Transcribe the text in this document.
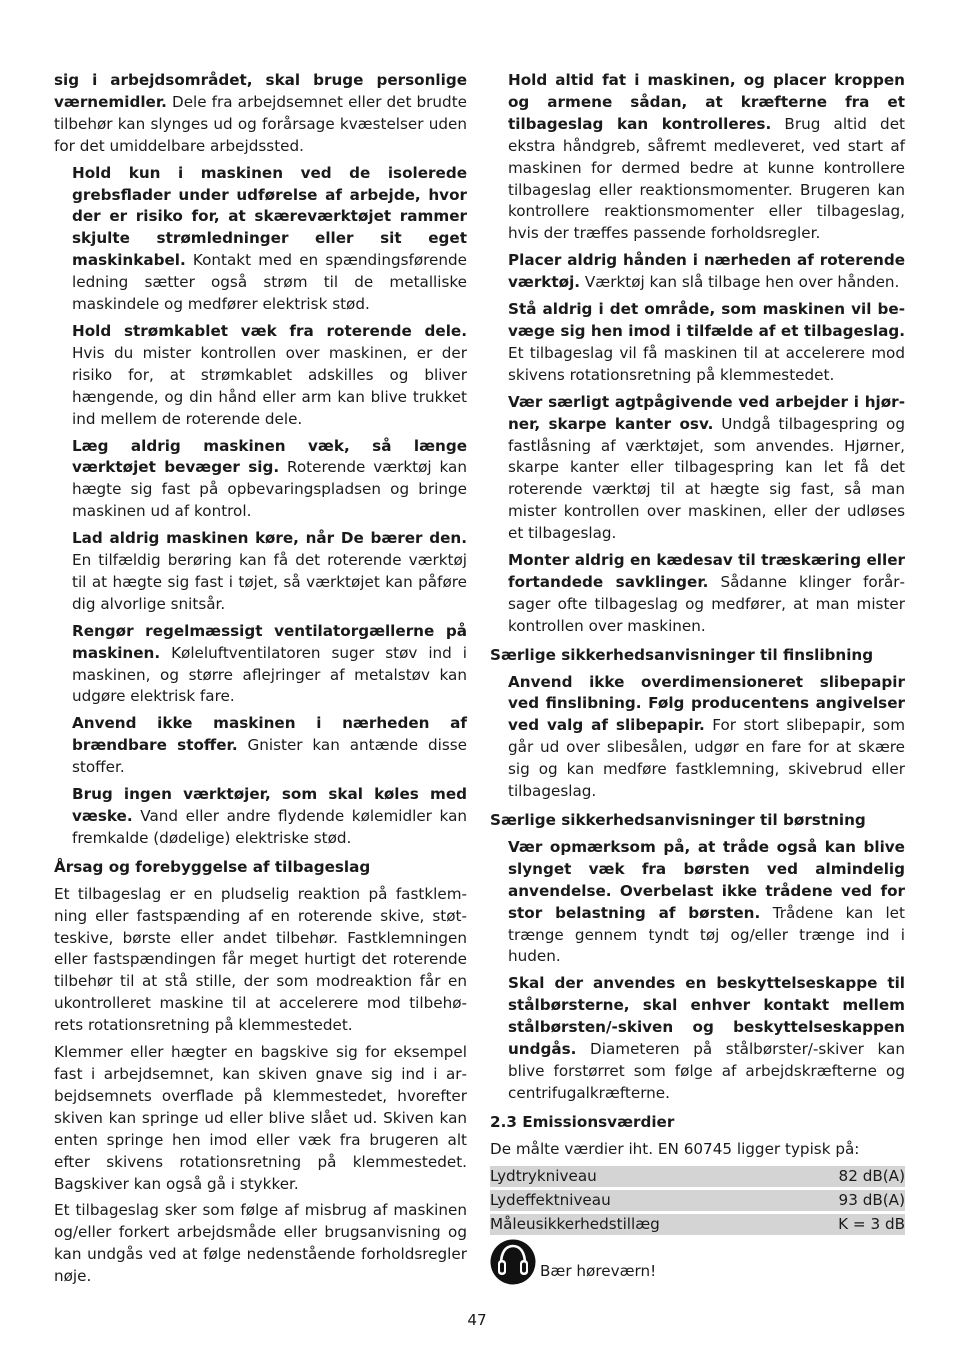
sig i arbejdsområdet, skal bruge personlige værnemidler. Dele fra arbejdsemnet eller det brudte tilbehør kan slynges ud og forårsage kvæstelser uden for det umiddelbare arbejdssted.

Hold kun i maskinen ved de isolerede grebsflader under udførelse af arbejde, hvor der er risiko for, at skæreværktøjet rammer skjulte strømledninger eller sit eget maskinkabel. Kontakt med en spændingsførende ledning sætter også strøm til de metalliske maskindele og medfører elektrisk stød.

Hold strømkablet væk fra roterende dele. Hvis du mister kontrollen over maskinen, er der risiko for, at strømkablet adskilles og bliver hængende, og din hånd eller arm kan blive trukket ind mellem de roterende dele.

Læg aldrig maskinen væk, så længe værktøjet bevæger sig. Roterende værktøj kan hægte sig fast på opbevaringspladsen og bringe maskinen ud af kontrol.

Lad aldrig maskinen køre, når De bærer den. En tilfældig berøring kan få det roterende værktøj til at hægte sig fast i tøjet, så værktøjet kan påføre dig alvorlige snitsår.

Rengør regelmæssigt ventilatorgællerne på maskinen. Køleluftventilatoren suger støv ind i maskinen, og større aflejringer af metalstøv kan udgøre elektrisk fare.

Anvend ikke maskinen i nærheden af brændbare stoffer. Gnister kan antænde disse stoffer.

Brug ingen værktøjer, som skal køles med væske. Vand eller andre flydende kølemidler kan fremkalde (dødelige) elektriske stød.

Årsag og forebyggelse af tilbageslag

Et tilbageslag er en pludselig reaktion på fastklemning eller fastspænding af en roterende skive, støtteskive, børste eller andet tilbehør. Fastklemningen eller fastspændingen får meget hurtigt det roterende tilbehør til at stå stille, der som modreaktion får en ukontrolleret maskine til at accelerere mod tilbehørets rotationsretning på klemmestedet.

Klemmer eller hægter en bagskive sig for eksempel fast i arbejdsemnet, kan skiven gnave sig ind i arbejdsemnets overflade på klemmestedet, hvorefter skiven kan springe ud eller blive slået ud. Skiven kan enten springe hen imod eller væk fra brugeren alt efter skivens rotationsretning på klemmestedet. Bagskiver kan også gå i stykker.

Et tilbageslag sker som følge af misbrug af maskinen og/eller forkert arbejdsmåde eller brugsanvisning og kan undgås ved at følge nedenstående forholdsregler nøje.

Hold altid fat i maskinen, og placer kroppen og armene sådan, at kræfterne fra et tilbageslag kan kontrolleres. Brug altid det ekstra håndgreb, såfremt medleveret, ved start af maskinen for dermed bedre at kunne kontrollere tilbageslag eller reaktionsmomenter. Brugeren kan kontrollere reaktionsmomenter eller tilbageslag, hvis der træffes passende forholdsregler.

Placer aldrig hånden i nærheden af roterende værktøj. Værktøj kan slå tilbage hen over hånden.

Stå aldrig i det område, som maskinen vil bevæge sig hen imod i tilfælde af et tilbageslag. Et tilbageslag vil få maskinen til at accelerere mod skivens rotationsretning på klemmestedet.

Vær særligt agtpågivende ved arbejder i hjørner, skarpe kanter osv. Undgå tilbagespring og fastlåsning af værktøjet, som anvendes. Hjørner, skarpe kanter eller tilbagespring kan let få det roterende værktøj til at hægte sig fast, så man mister kontrollen over maskinen, eller der udløses et tilbageslag.

Monter aldrig en kædesav til træskæring eller fortandede savklinger. Sådanne klinger forårsager ofte tilbageslag og medfører, at man mister kontrollen over maskinen.

Særlige sikkerhedsanvisninger til finslibning

Anvend ikke overdimensioneret slibepapir ved finslibning. Følg producentens angivelser ved valg af slibepapir. For stort slibepapir, som går ud over slibesålen, udgør en fare for at skære sig og kan medføre fastklemning, skivebrud eller tilbageslag.

Særlige sikkerhedsanvisninger til børstning

Vær opmærksom på, at tråde også kan blive slynget væk fra børsten ved almindelig anvendelse. Overbelast ikke trådene ved for stor belastning af børsten. Trådene kan let trænge gennem tyndt tøj og/eller trænge ind i huden.

Skal der anvendes en beskyttelseskappe til stålbørsterne, skal enhver kontakt mellem stålbørsten/-skiven og beskyttelseskappen undgås. Diameteren på stålbørster/-skiver kan blive forstørret som følge af arbejdskræfterne og centrifugalkræfterne.

2.3 Emissionsværdier

De målte værdier iht. EN 60745 ligger typisk på:

Lydtrykniveau	82 dB(A)
Lydeffektniveau	93 dB(A)
Måleusikkerhedstillæg	K = 3 dB
Bær høreværn!
47
